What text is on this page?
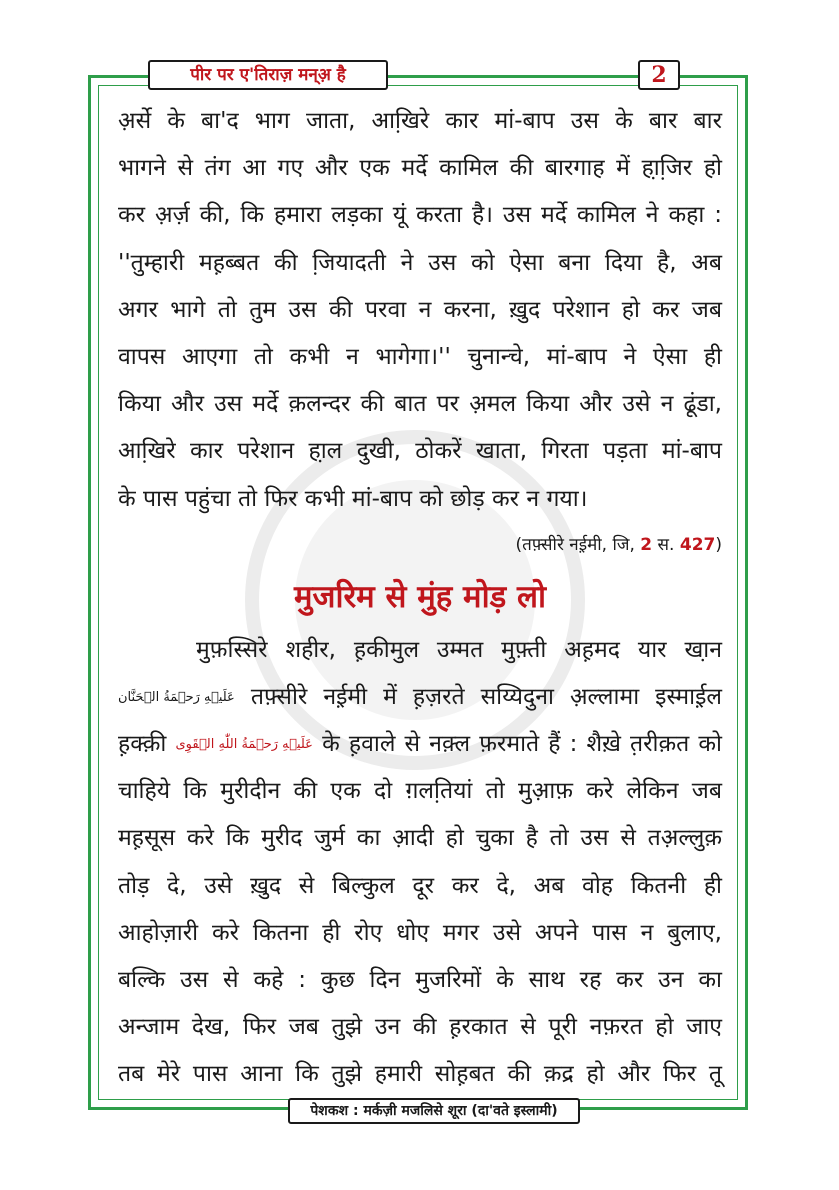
पीर पर ए'तिराज़ मन्अ़ है	2
अ़र्से के बा'द भाग जाता, आखि़रे कार मां-बाप उस के बार बार
भागने से तंग आ गए और एक मर्दे कामिल की बारगाह में हा़जि़र हो
कर अ़र्ज़ की, कि हमारा लड़का यूं करता है। उस मर्दे कामिल ने कहा :
''तुम्हारी मह़ब्बत की जि़यादती ने उस को ऐसा बना दिया है, अब
अगर भागे तो तुम उस की परवा न करना, खु़द परेशान हो कर जब
वापस आएगा तो कभी न भागेगा।'' चुनान्चे, मां-बाप ने ऐसा ही
किया और उस मर्दे क़लन्दर की बात पर अ़मल किया और उसे न ढूंडा,
आखि़रे कार परेशान हा़ल दुखी, ठोकरें खाता, गिरता पड़ता मां-बाप
के पास पहुंचा तो फिर कभी मां-बाप को छोड़ कर न गया।
(तफ़्सीरे नई़मी, जि, 2 स. 427)
मुजरिम से मुंह मोड़ लो
मुफ़स्सिरे शहीर, ह़कीमुल उम्मत मुफ़्ती अह़मद यार खा़न
عَلَيۡهِ رَحۡمَةُ الۡحَنَّان तफ़्सीरे नई़मी में ह़ज़रते सय्यिदुना अ़ल्लामा इस्माई़ल
ह़क्क़ी عَلَيۡهِ رَحۡمَةُ اللّٰهِ الۡقَوِی के ह़वाले से नक़्ल फ़रमाते हैं : शैखे़ त़रीक़त को
चाहिये कि मुरीदीन की एक दो ग़लति़यां तो मुआ़फ़ करे लेकिन जब
मह़सूस करे कि मुरीद जुर्म का आ़दी हो चुका है तो उस से तअ़ल्लुक़
तोड़ दे, उसे खु़द से बिल्कुल दूर कर दे, अब वोह कितनी ही
आहोज़ारी करे कितना ही रोए धोए मगर उसे अपने पास न बुलाए,
बल्कि उस से कहे : कुछ दिन मुजरिमों के साथ रह कर उन का
अन्जाम देख, फिर जब तुझे उन की ह़रकात से पूरी नफ़रत हो जाए
तब मेरे पास आना कि तुझे हमारी सोह़बत की क़द्र हो और फिर तू
पेशकश : मर्कज़ी मजलिसे शूरा (दा'वते इस्लामी)
